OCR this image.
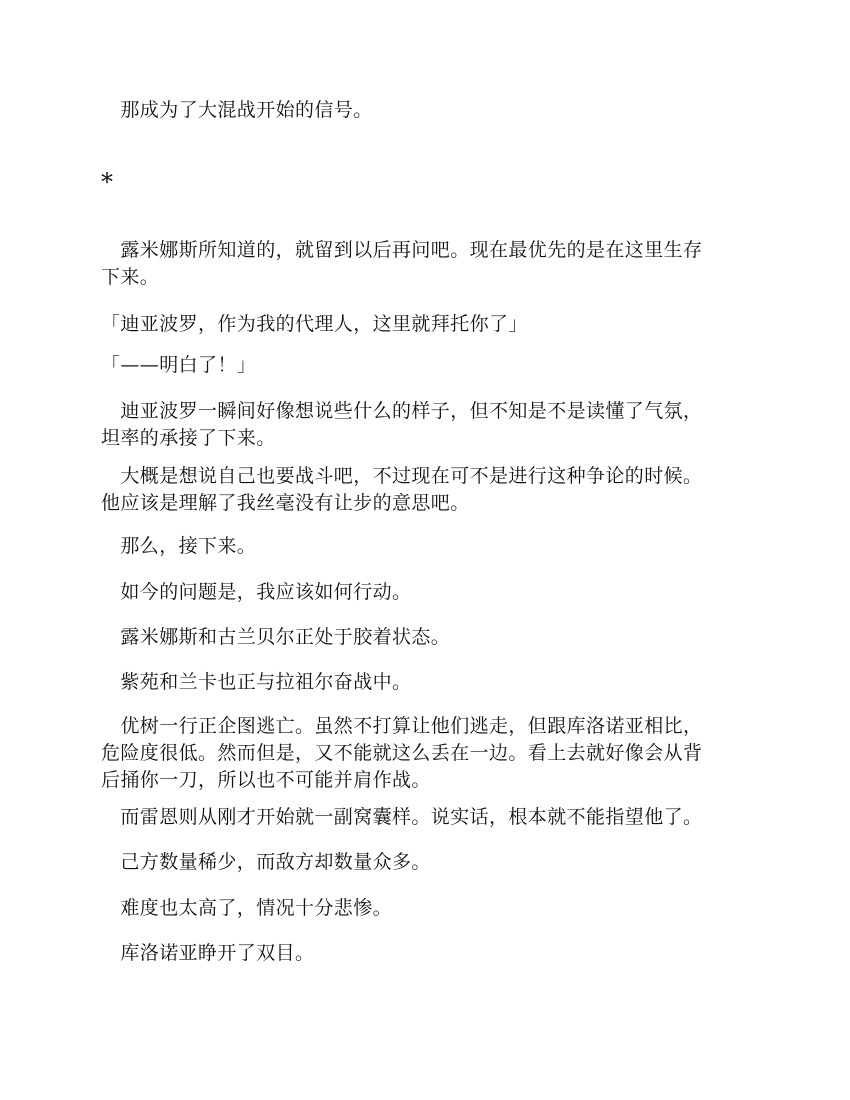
　那成为了大混战开始的信号。
*
　露米娜斯所知道的，就留到以后再问吧。现在最优先的是在这里生存
下来。
「迪亚波罗，作为我的代理人，这里就拜托你了」
「——明白了！」
　迪亚波罗一瞬间好像想说些什么的样子，但不知是不是读懂了气氛，
坦率的承接了下来。
　大概是想说自己也要战斗吧，不过现在可不是进行这种争论的时候。
他应该是理解了我丝毫没有让步的意思吧。
　那么，接下来。
　如今的问题是，我应该如何行动。
　露米娜斯和古兰贝尔正处于胶着状态。
　紫苑和兰卡也正与拉祖尔奋战中。
　优树一行正企图逃亡。虽然不打算让他们逃走，但跟库洛诺亚相比，
危险度很低。然而但是，又不能就这么丢在一边。看上去就好像会从背
后捅你一刀，所以也不可能并肩作战。
　而雷恩则从刚才开始就一副窝囊样。说实话，根本就不能指望他了。
　己方数量稀少，而敌方却数量众多。
　难度也太高了，情况十分悲惨。
　库洛诺亚睁开了双目。
